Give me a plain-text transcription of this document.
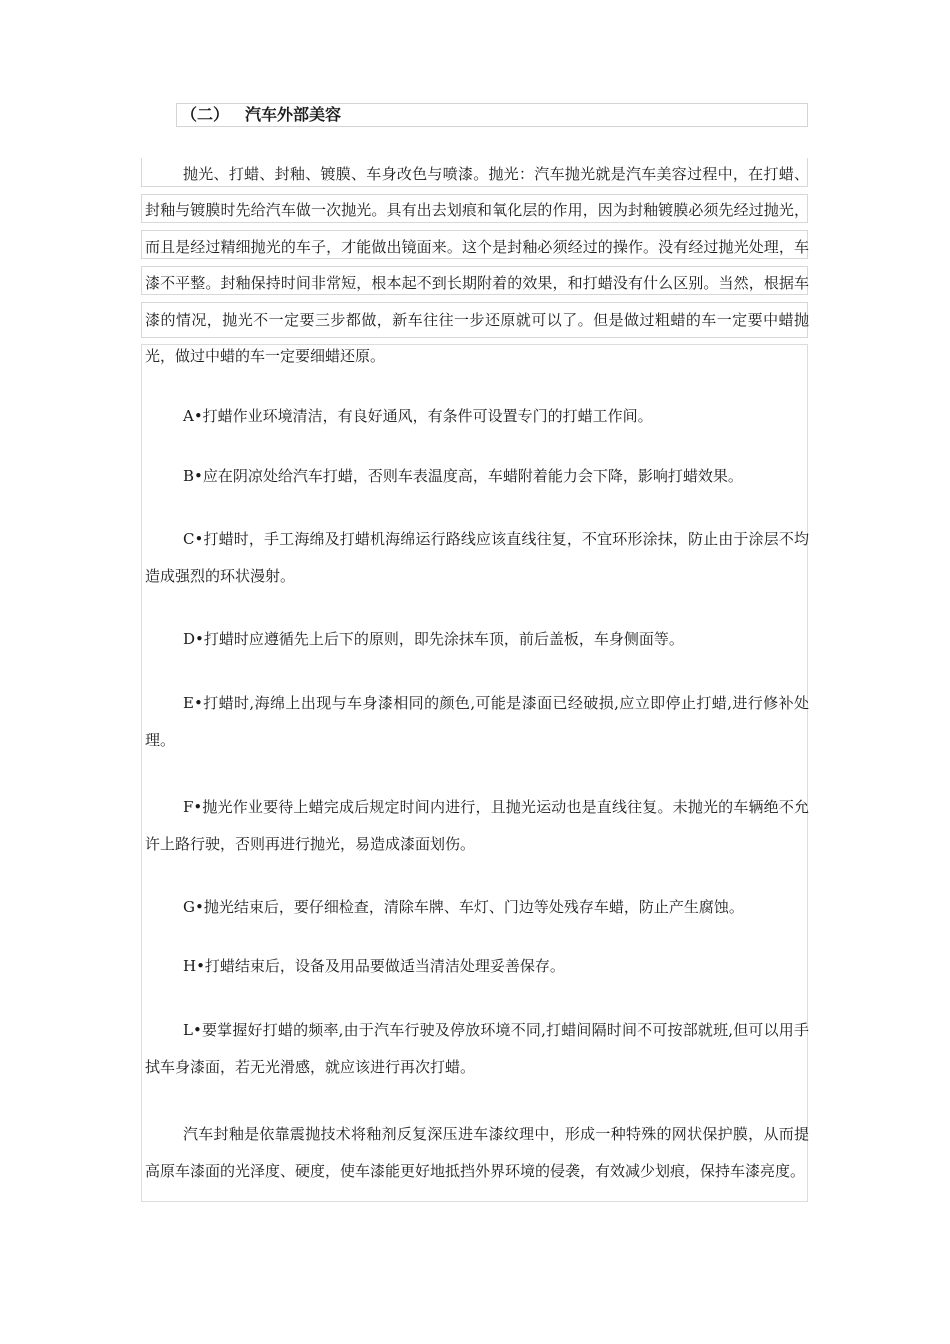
（二） 汽车外部美容

抛光、打蜡、封釉、镀膜、车身改色与喷漆。抛光：汽车抛光就是汽车美容过程中，在打蜡、封釉与镀膜时先给汽车做一次抛光。具有出去划痕和氧化层的作用，因为封釉镀膜必须先经过抛光，而且是经过精细抛光的车子，才能做出镜面来。这个是封釉必须经过的操作。没有经过抛光处理，车漆不平整。封釉保持时间非常短，根本起不到长期附着的效果，和打蜡没有什么区别。当然，根据车漆的情况，抛光不一定要三步都做，新车往往一步还原就可以了。但是做过粗蜡的车一定要中蜡抛光，做过中蜡的车一定要细蜡还原。

A•打蜡作业环境清洁，有良好通风，有条件可设置专门的打蜡工作间。

B•应在阴凉处给汽车打蜡，否则车表温度高，车蜡附着能力会下降，影响打蜡效果。

C•打蜡时，手工海绵及打蜡机海绵运行路线应该直线往复，不宜环形涂抹，防止由于涂层不均造成强烈的环状漫射。

D•打蜡时应遵循先上后下的原则，即先涂抹车顶，前后盖板，车身侧面等。

E•打蜡时,海绵上出现与车身漆相同的颜色,可能是漆面已经破损,应立即停止打蜡,进行修补处理。

F•抛光作业要待上蜡完成后规定时间内进行，且抛光运动也是直线往复。未抛光的车辆绝不允许上路行驶，否则再进行抛光，易造成漆面划伤。

G•抛光结束后，要仔细检查，清除车牌、车灯、门边等处残存车蜡，防止产生腐蚀。

H•打蜡结束后，设备及用品要做适当清洁处理妥善保存。

L•要掌握好打蜡的频率,由于汽车行驶及停放环境不同,打蜡间隔时间不可按部就班,但可以用手拭车身漆面，若无光滑感，就应该进行再次打蜡。

汽车封釉是依靠震抛技术将釉剂反复深压进车漆纹理中，形成一种特殊的网状保护膜，从而提高原车漆面的光泽度、硬度，使车漆能更好地抵挡外界环境的侵袭，有效减少划痕，保持车漆亮度。
